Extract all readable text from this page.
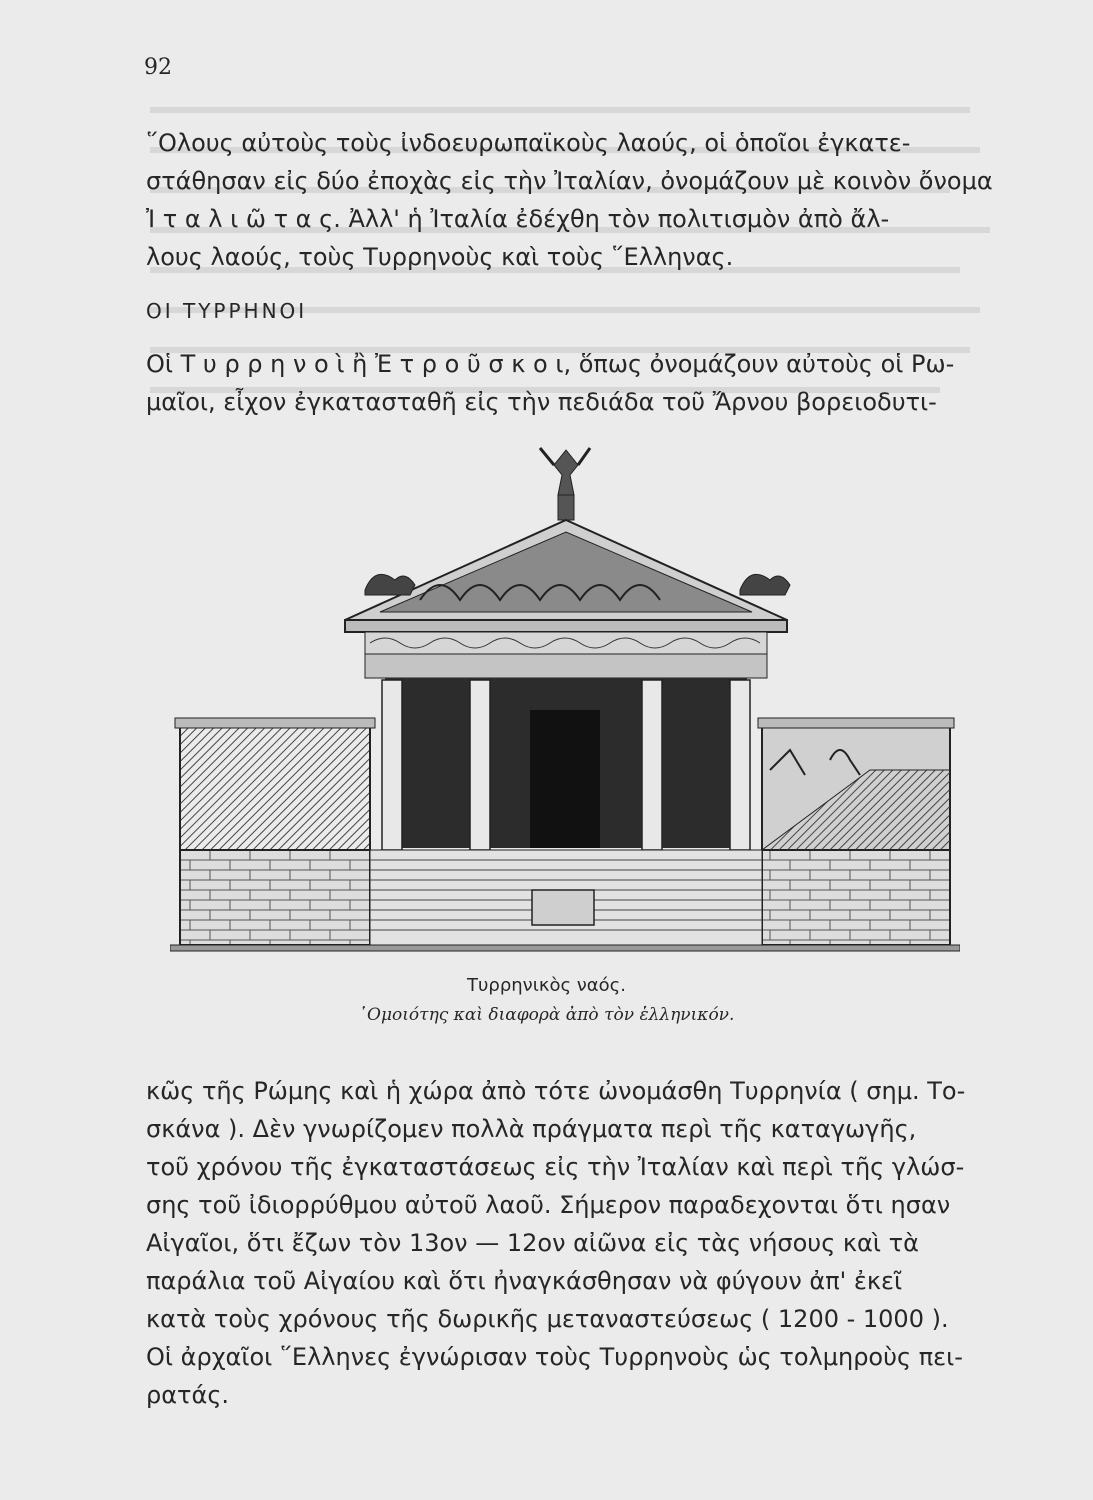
92
῞Ολους αὐτοὺς τοὺς ἰνδοευρωπαϊκοὺς λαούς, οἱ ὁποῖοι ἐγκατε-
στάθησαν εἰς δύο ἐποχὰς εἰς τὴν Ἰταλίαν, ὀνομάζουν μὲ κοινὸν ὄνομα
Ἰ τ α λ ι ῶ τ α ς. Ἀλλ' ἡ Ἰταλία ἐδέχθη τὸν πολιτισμὸν ἀπὸ ἄλ-
λους λαούς, τοὺς Τυρρηνοὺς καὶ τοὺς ῞Ελληνας.
ΟΙ ΤΥΡΡΗΝΟΙ
Οἱ Τ υ ρ ρ η ν ο ὶ ἢ Ἐ τ ρ ο ῦ σ κ ο ι, ὅπως ὀνομάζουν αὐτοὺς οἱ Ρω-
μαῖοι, εἶχον ἐγκατασταθῆ εἰς τὴν πεδιάδα τοῦ Ἄρνου βορειοδυτι-
Τυρρηνικὸς ναός.
῾Ομοιότης καὶ διαφορὰ ἀπὸ τὸν ἑλληνικόν.
κῶς τῆς Ρώμης καὶ ἡ χώρα ἀπὸ τότε ὠνομάσθη Τυρρηνία ( σημ. Το-
σκάνα ). Δὲν γνωρίζομεν πολλὰ πράγματα περὶ τῆς καταγωγῆς,
τοῦ χρόνου τῆς ἐγκαταστάσεως εἰς τὴν Ἰταλίαν καὶ περὶ τῆς γλώσ-
σης τοῦ ἰδιορρύθμου αὐτοῦ λαοῦ. Σήμερον παραδεχονται ὅτι ησαν
Αἰγαῖοι, ὅτι ἔζων τὸν 13ον — 12ον αἰῶνα εἰς τὰς νήσους καὶ τὰ
παράλια τοῦ Αἰγαίου καὶ ὅτι ἠναγκάσθησαν νὰ φύγουν ἀπ' ἐκεῖ
κατὰ τοὺς χρόνους τῆς δωρικῆς μεταναστεύσεως ( 1200 - 1000 ).
Οἱ ἀρχαῖοι ῞Ελληνες ἐγνώρισαν τοὺς Τυρρηνοὺς ὡς τολμηροὺς πει-
ρατάς.
